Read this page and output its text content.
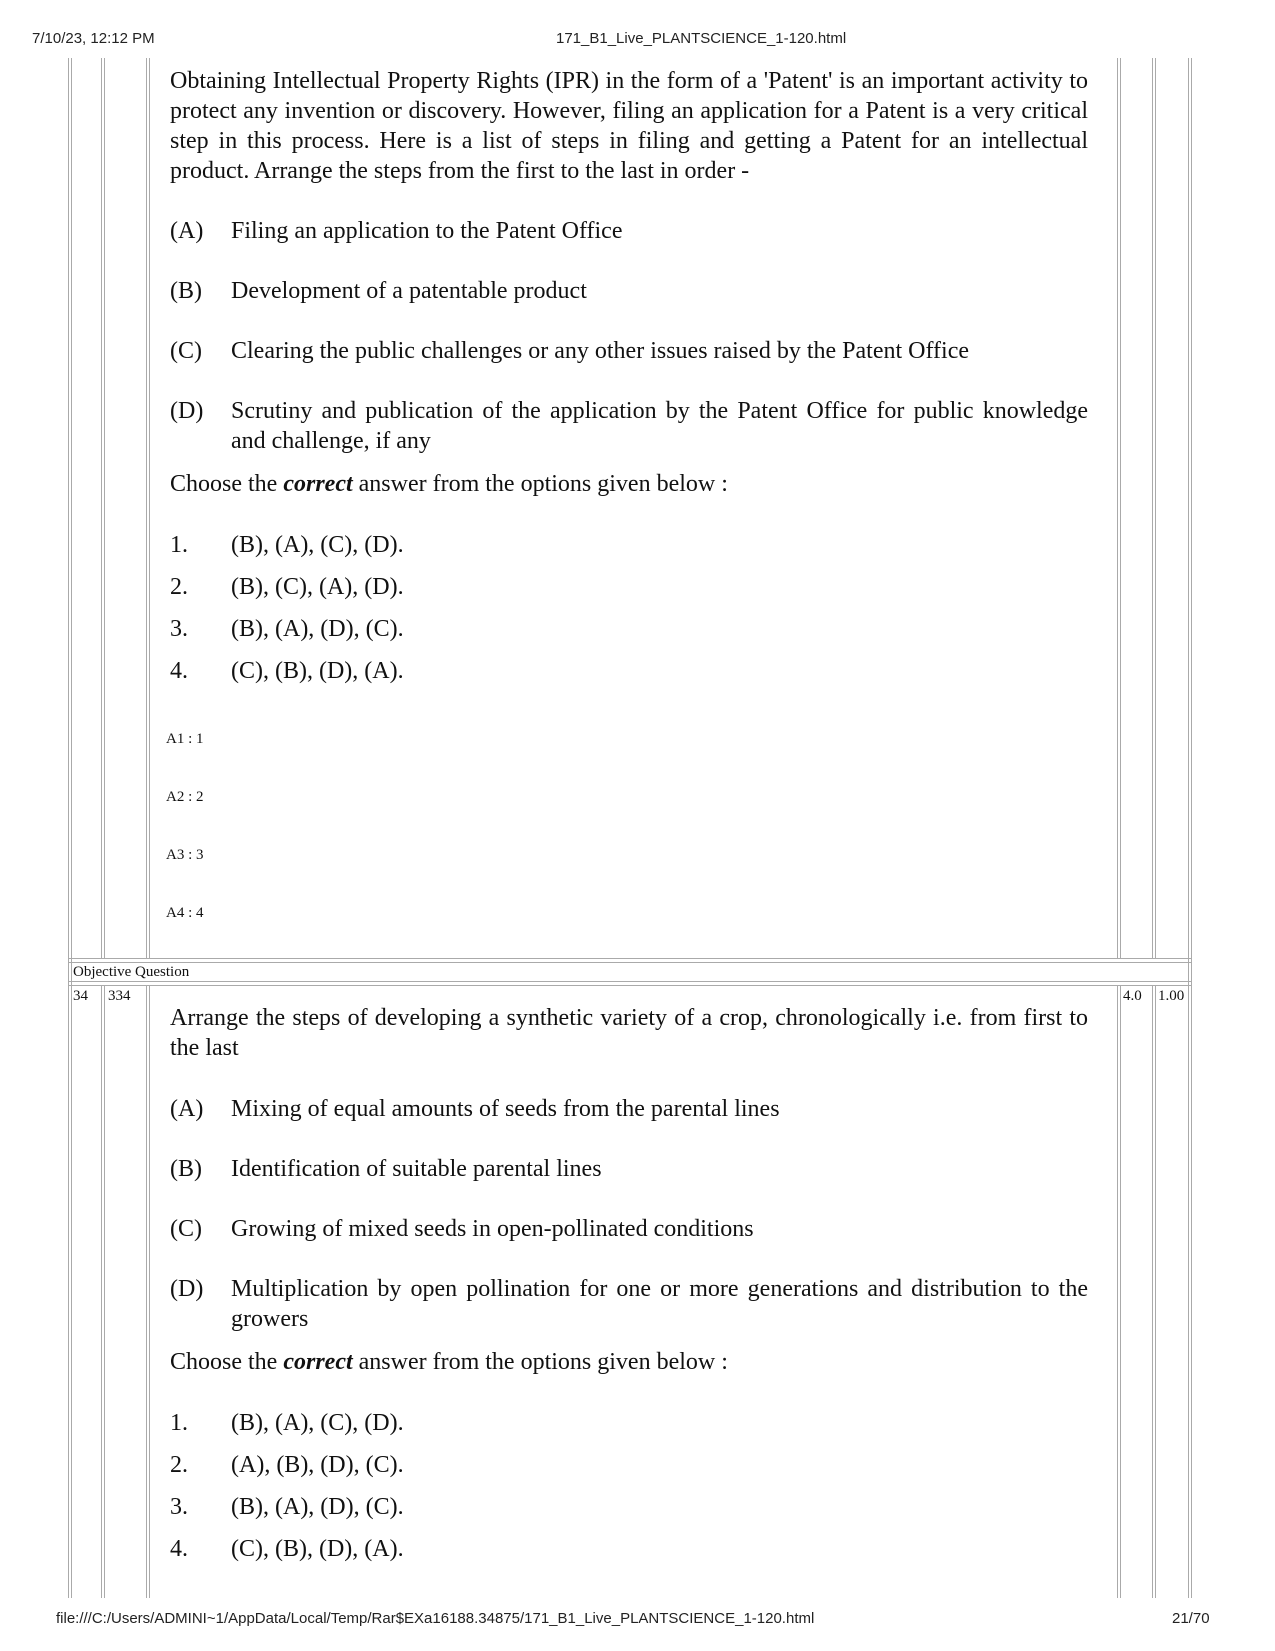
7/10/23, 12:12 PM	171_B1_Live_PLANTSCIENCE_1-120.html
Obtaining Intellectual Property Rights (IPR) in the form of a 'Patent' is an important activity to protect any invention or discovery. However, filing an application for a Patent is a very critical step in this process. Here is a list of steps in filing and getting a Patent for an intellectual product. Arrange the steps from the first to the last in order -
(A) Filing an application to the Patent Office
(B) Development of a patentable product
(C) Clearing the public challenges or any other issues raised by the Patent Office
(D) Scrutiny and publication of the application by the Patent Office for public knowledge and challenge, if any
Choose the correct answer from the options given below :
1. (B), (A), (C), (D).
2. (B), (C), (A), (D).
3. (B), (A), (D), (C).
4. (C), (B), (D), (A).
A1 : 1
A2 : 2
A3 : 3
A4 : 4
Objective Question
34 334	4.0 1.00
Arrange the steps of developing a synthetic variety of a crop, chronologically i.e. from first to the last
(A) Mixing of equal amounts of seeds from the parental lines
(B) Identification of suitable parental lines
(C) Growing of mixed seeds in open-pollinated conditions
(D) Multiplication by open pollination for one or more generations and distribution to the growers
Choose the correct answer from the options given below :
1. (B), (A), (C), (D).
2. (A), (B), (D), (C).
3. (B), (A), (D), (C).
4. (C), (B), (D), (A).
file:///C:/Users/ADMINI~1/AppData/Local/Temp/Rar$EXa16188.34875/171_B1_Live_PLANTSCIENCE_1-120.html	21/70
